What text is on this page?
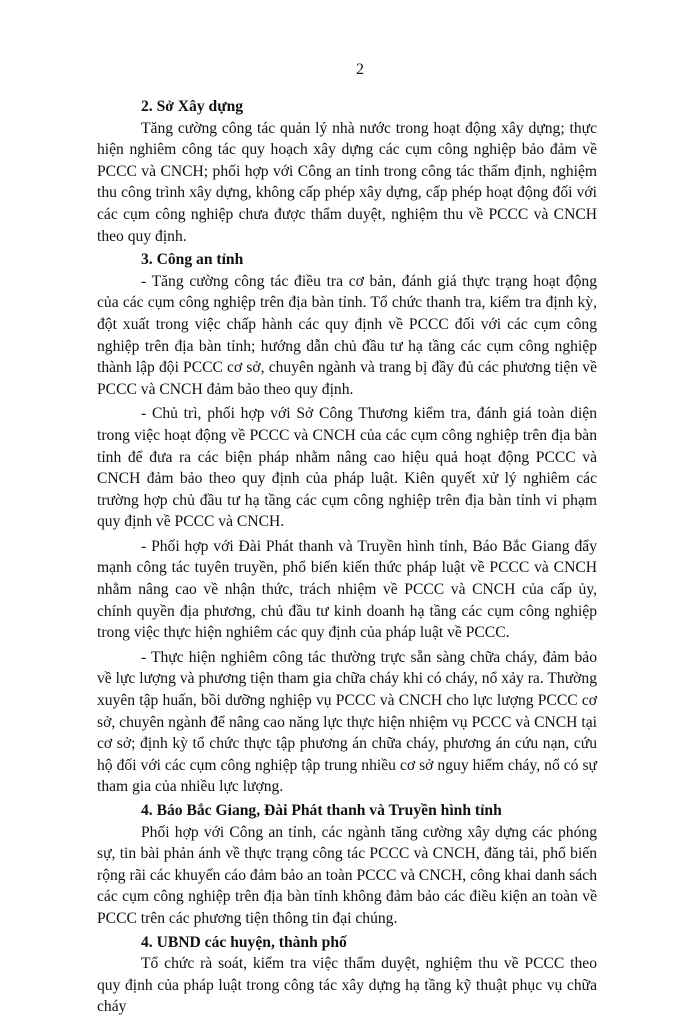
2

2. Sở Xây dựng

Tăng cường công tác quản lý nhà nước trong hoạt động xây dựng; thực hiện nghiêm công tác quy hoạch xây dựng các cụm công nghiệp bảo đảm về PCCC và CNCH; phối hợp với Công an tỉnh trong công tác thẩm định, nghiệm thu công trình xây dựng, không cấp phép xây dựng, cấp phép hoạt động đối với các cụm công nghiệp chưa được thẩm duyệt, nghiệm thu về PCCC và CNCH theo quy định.

3. Công an tỉnh

- Tăng cường công tác điều tra cơ bản, đánh giá thực trạng hoạt động của các cụm công nghiệp trên địa bàn tỉnh. Tổ chức thanh tra, kiểm tra định kỳ, đột xuất trong việc chấp hành các quy định về PCCC đối với các cụm công nghiệp trên địa bàn tỉnh; hướng dẫn chủ đầu tư hạ tầng các cụm công nghiệp thành lập đội PCCC cơ sở, chuyên ngành và trang bị đầy đủ các phương tiện về PCCC và CNCH đảm bảo theo quy định.

- Chủ trì, phối hợp với Sở Công Thương kiểm tra, đánh giá toàn diện trong việc hoạt động về PCCC và CNCH của các cụm công nghiệp trên địa bàn tỉnh để đưa ra các biện pháp nhằm nâng cao hiệu quả hoạt động PCCC và CNCH đảm bảo theo quy định của pháp luật. Kiên quyết xử lý nghiêm các trường hợp chủ đầu tư hạ tầng các cụm công nghiệp trên địa bàn tỉnh vi phạm quy định về PCCC và CNCH.

- Phối hợp với Đài Phát thanh và Truyền hình tỉnh, Báo Bắc Giang đẩy mạnh công tác tuyên truyền, phổ biến kiến thức pháp luật về PCCC và CNCH nhằm nâng cao về nhận thức, trách nhiệm về PCCC và CNCH của cấp ủy, chính quyền địa phương, chủ đầu tư kinh doanh hạ tầng các cụm công nghiệp trong việc thực hiện nghiêm các quy định của pháp luật về PCCC.

- Thực hiện nghiêm công tác thường trực sẵn sàng chữa cháy, đảm bảo về lực lượng và phương tiện tham gia chữa cháy khi có cháy, nổ xảy ra. Thường xuyên tập huấn, bồi dưỡng nghiệp vụ PCCC và CNCH cho lực lượng PCCC cơ sở, chuyên ngành để nâng cao năng lực thực hiện nhiệm vụ PCCC và CNCH tại cơ sở; định kỳ tổ chức thực tập phương án chữa cháy, phương án cứu nạn, cứu hộ đối với các cụm công nghiệp tập trung nhiều cơ sở nguy hiểm cháy, nổ có sự tham gia của nhiều lực lượng.

4. Báo Bắc Giang, Đài Phát thanh và Truyền hình tỉnh

Phối hợp với Công an tỉnh, các ngành tăng cường xây dựng các phóng sự, tin bài phản ánh về thực trạng công tác PCCC và CNCH, đăng tải, phổ biến rộng rãi các khuyến cáo đảm bảo an toàn PCCC và CNCH, công khai danh sách các cụm công nghiệp trên địa bàn tỉnh không đảm bảo các điều kiện an toàn về PCCC trên các phương tiện thông tin đại chúng.

4. UBND các huyện, thành phố

Tổ chức rà soát, kiểm tra việc thẩm duyệt, nghiệm thu về PCCC theo quy định của pháp luật trong công tác xây dựng hạ tầng kỹ thuật phục vụ chữa cháy
